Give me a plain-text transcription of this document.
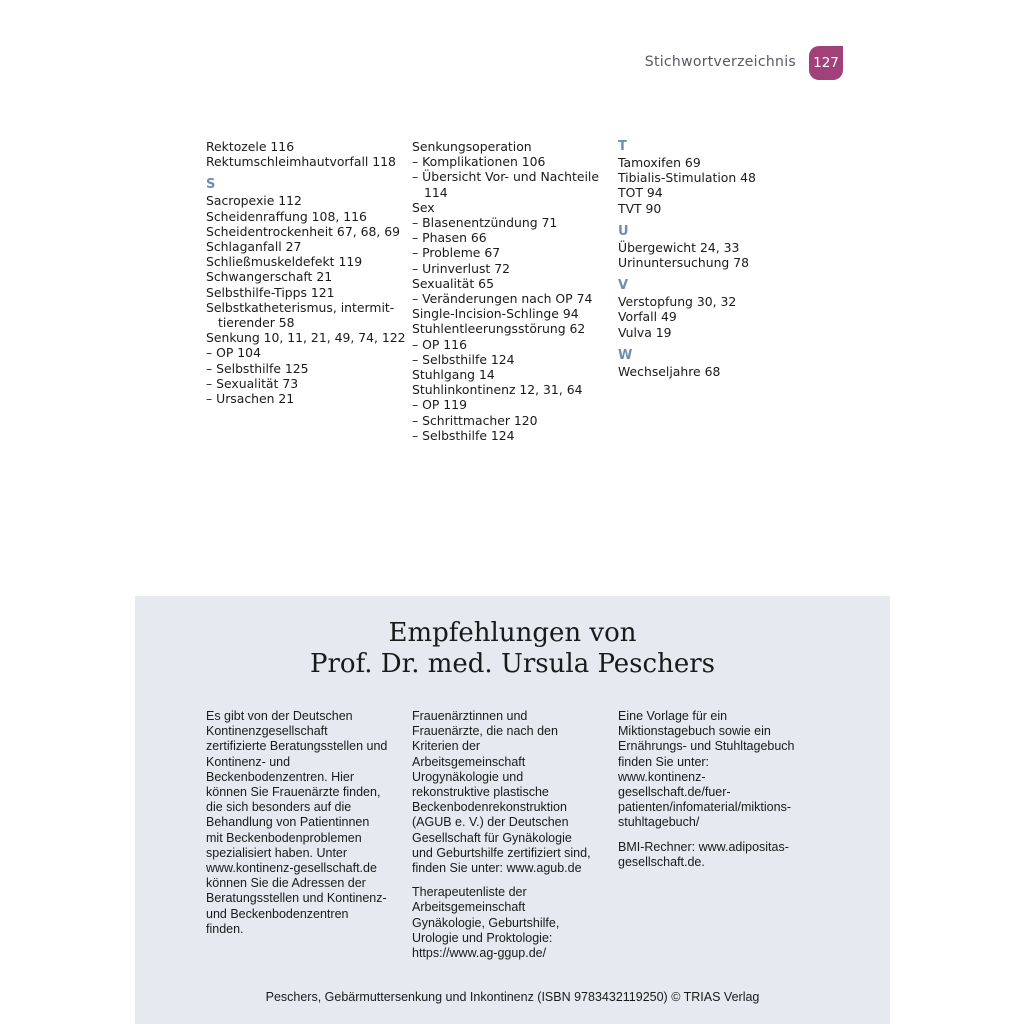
Stichwortverzeichnis	127
Rektozele 116
Rektumschleimhautvorfall 118
S
Sacropexie 112
Scheidenraffung 108, 116
Scheidentrockenheit 67, 68, 69
Schlaganfall 27
Schließmuskeldefekt 119
Schwangerschaft 21
Selbsthilfe-Tipps 121
Selbstkatheterismus, intermit-
tierender 58
Senkung 10, 11, 21, 49, 74, 122
– OP 104
– Selbsthilfe 125
– Sexualität 73
– Ursachen 21
Senkungsoperation
– Komplikationen 106
– Übersicht Vor- und Nachteile 114
Sex
– Blasenentzündung 71
– Phasen 66
– Probleme 67
– Urinverlust 72
Sexualität 65
– Veränderungen nach OP 74
Single-Incision-Schlinge 94
Stuhlentleerungsstörung 62
– OP 116
– Selbsthilfe 124
Stuhlgang 14
Stuhlinkontinenz 12, 31, 64
– OP 119
– Schrittmacher 120
– Selbsthilfe 124
T
Tamoxifen 69
Tibialis-Stimulation 48
TOT 94
TVT 90
U
Übergewicht 24, 33
Urinuntersuchung 78
V
Verstopfung 30, 32
Vorfall 49
Vulva 19
W
Wechseljahre 68
Empfehlungen von
Prof. Dr. med. Ursula Peschers

Es gibt von der Deutschen Kontinenzgesellschaft zertifizierte Beratungsstellen und Kontinenz- und Beckenbodenzentren. Hier können Sie Frauenärzte finden, die sich besonders auf die Behandlung von Patientinnen mit Beckenbodenproblemen spezialisiert haben. Unter www.kontinenz-gesellschaft.de können Sie die Adressen der Beratungsstellen und Kontinenz- und Beckenbodenzentren finden.

Frauenärztinnen und Frauenärzte, die nach den Kriterien der Arbeitsgemeinschaft Urogynäkologie und rekonstruktive plastische Beckenbodenrekonstruktion (AGUB e. V.) der Deutschen Gesellschaft für Gynäkologie und Geburtshilfe zertifiziert sind, finden Sie unter: www.agub.de

Therapeutenliste der Arbeitsgemeinschaft Gynäkologie, Geburtshilfe, Urologie und Proktologie: https://www.ag-ggup.de/

Eine Vorlage für ein Miktionstagebuch sowie ein Ernährungs- und Stuhltagebuch finden Sie unter: www.kontinenz-gesellschaft.de/fuer-patienten/infomaterial/miktions-stuhltagebuch/

BMI-Rechner: www.adipositas-gesellschaft.de.

Peschers, Gebärmuttersenkung und Inkontinenz (ISBN 9783432119250) © TRIAS Verlag
